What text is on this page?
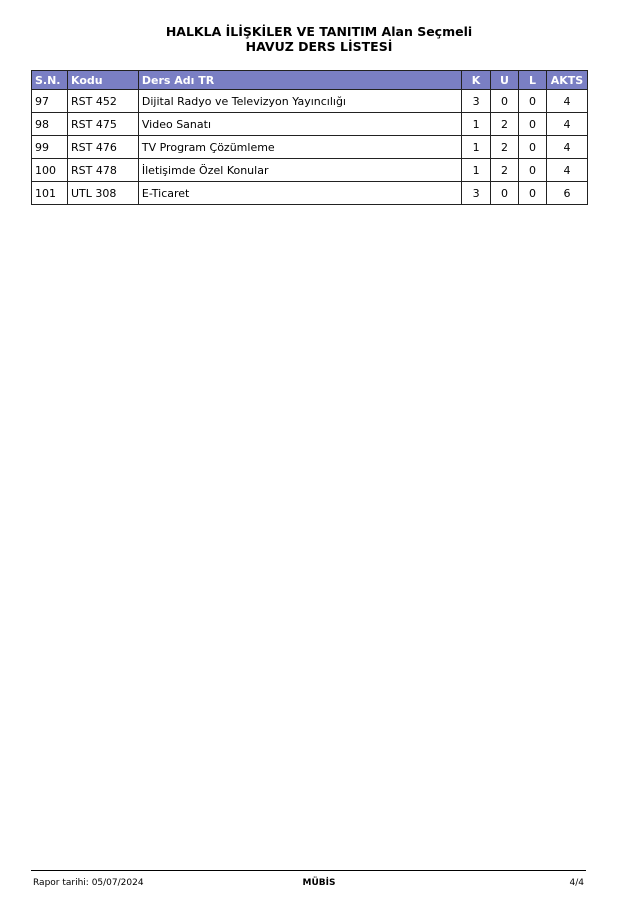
HALKLA İLİŞKİLER VE TANITIM Alan Seçmeli
HAVUZ DERS LİSTESİ
S.N.	Kodu	Ders Adı TR	K	U	L	AKTS
97	RST 452	Dijital Radyo ve Televizyon Yayıncılığı	3	0	0	4
98	RST 475	Video Sanatı	1	2	0	4
99	RST 476	TV Program Çözümleme	1	2	0	4
100	RST 478	İletişimde Özel Konular	1	2	0	4
101	UTL 308	E-Ticaret	3	0	0	6
Rapor tarihi: 05/07/2024	MÜBİS	4/4
